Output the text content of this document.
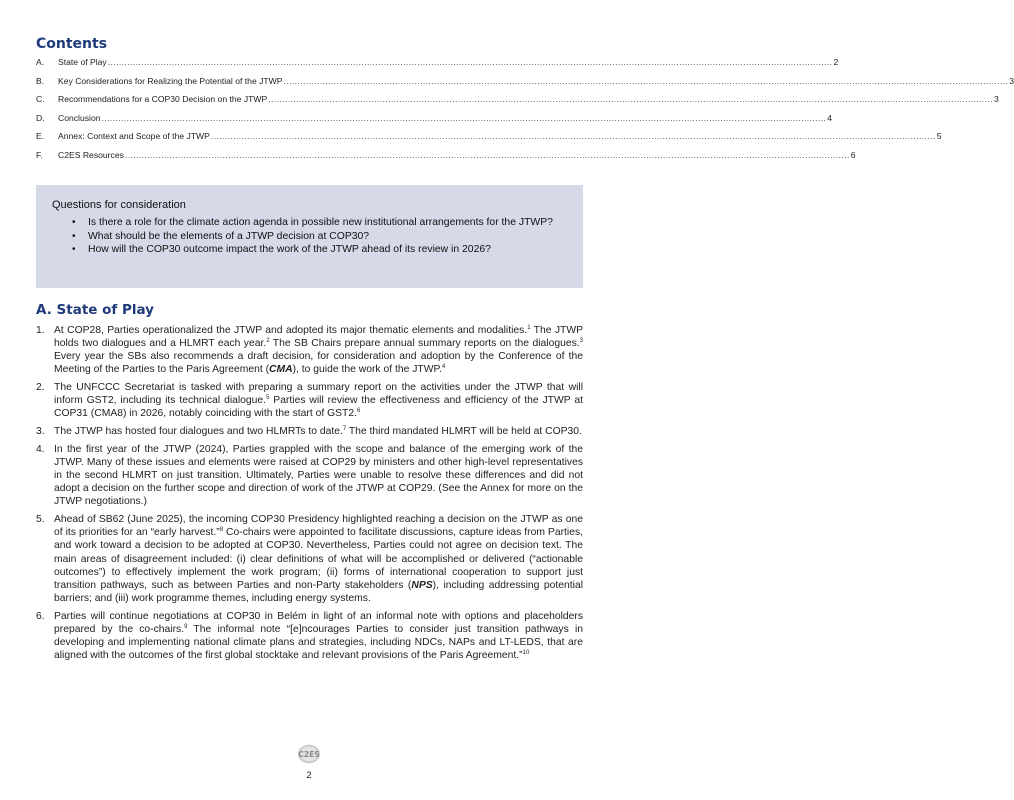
Contents
A.	State of Play .................................................................................................................................................................................................................................................................... 2
B.	Key Considerations for Realizing the Potential of the JTWP .................................................................................................................................................................................................................................................................... 3
C.	Recommendations for a COP30 Decision on the JTWP .................................................................................................................................................................................................................................................................... 3
D.	Conclusion .................................................................................................................................................................................................................................................................... 4
E.	Annex: Context and Scope of the JTWP .................................................................................................................................................................................................................................................................... 5
F.	C2ES Resources .................................................................................................................................................................................................................................................................... 6
Questions for consideration
• Is there a role for the climate action agenda in possible new institutional arrangements for the JTWP?
• What should be the elements of a JTWP decision at COP30?
• How will the COP30 outcome impact the work of the JTWP ahead of its review in 2026?
A. State of Play
1. At COP28, Parties operationalized the JTWP and adopted its major thematic elements and modalities.$^1$ The JTWP holds two dialogues and a HLMRT each year.$^2$ The SB Chairs prepare annual summary reports on the dialogues.$^3$ Every year the SBs also recommends a draft decision, for consideration and adoption by the Conference of the Meeting of the Parties to the Paris Agreement (CMA), to guide the work of the JTWP.$^4$
2. The UNFCCC Secretariat is tasked with preparing a summary report on the activities under the JTWP that will inform GST2, including its technical dialogue.$^5$ Parties will review the effectiveness and efficiency of the JTWP at COP31 (CMA8) in 2026, notably coinciding with the start of GST2.$^6$
3. The JTWP has hosted four dialogues and two HLMRTs to date.$^7$ The third mandated HLMRT will be held at COP30.
4. In the first year of the JTWP (2024), Parties grappled with the scope and balance of the emerging work of the JTWP. Many of these issues and elements were raised at COP29 by ministers and other high-level representatives in the second HLMRT on just transition. Ultimately, Parties were unable to resolve these differences and did not adopt a decision on the further scope and direction of work of the JTWP at COP29. (See the Annex for more on the JTWP negotiations.)
5. Ahead of SB62 (June 2025), the incoming COP30 Presidency highlighted reaching a decision on the JTWP as one of its priorities for an “early harvest.”$^8$ Co-chairs were appointed to facilitate discussions, capture ideas from Parties, and work toward a decision to be adopted at COP30. Nevertheless, Parties could not agree on decision text. The main areas of disagreement included: (i) clear definitions of what will be accomplished or delivered (“actionable outcomes”) to effectively implement the work program; (ii) forms of international cooperation to support just transition pathways, such as between Parties and non-Party stakeholders (NPS), including addressing potential barriers; and (iii) work programme themes, including energy systems.
6. Parties will continue negotiations at COP30 in Belém in light of an informal note with options and placeholders prepared by the co-chairs.$^9$ The informal note “[e]ncourages Parties to consider just transition pathways in developing and implementing national climate plans and strategies, including NDCs, NAPs and LT-LEDS, that are aligned with the outcomes of the first global stocktake and relevant provisions of the Paris Agreement.”$^{10}$
C2ES
2
